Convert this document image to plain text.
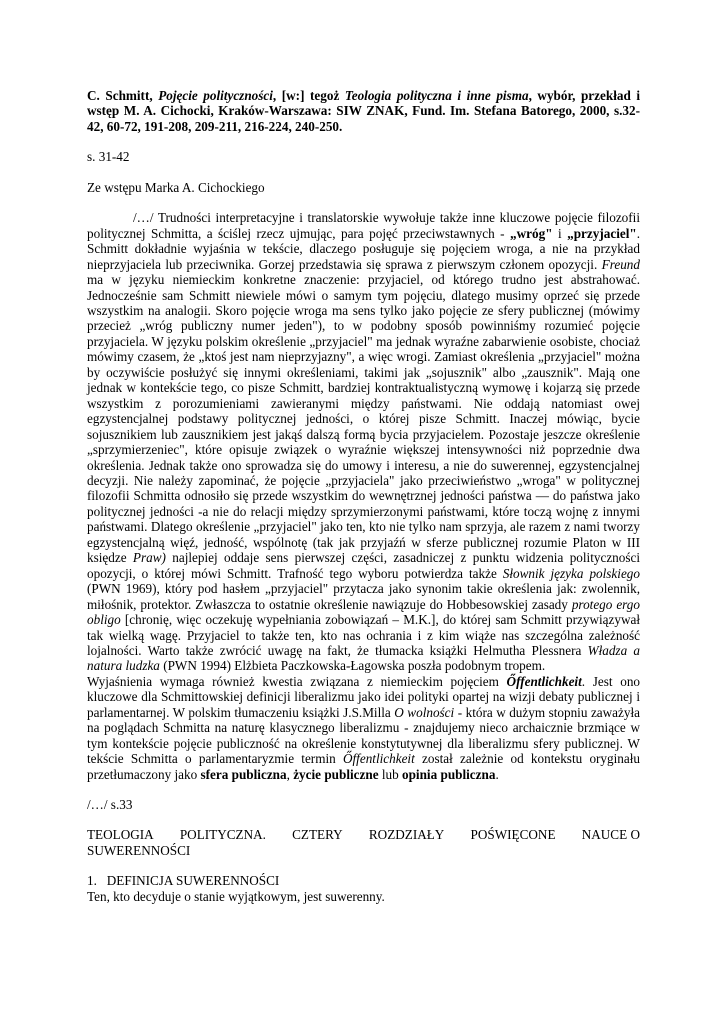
C. Schmitt, Pojęcie polityczności, [w:] tegoż Teologia polityczna i inne pisma, wybór, przekład i wstęp M. A. Cichocki, Kraków-Warszawa: SIW ZNAK, Fund. Im. Stefana Batorego, 2000, s.32-42, 60-72, 191-208, 209-211, 216-224, 240-250.

s. 31-42

Ze wstępu Marka A. Cichockiego

/…/ Trudności interpretacyjne i translatorskie wywołuje także inne kluczowe pojęcie filozofii politycznej Schmitta, a ściślej rzecz ujmując, para pojęć przeciwstawnych - „wróg" i „przyjaciel". Schmitt dokładnie wyjaśnia w tekście, dlaczego posługuje się pojęciem wroga, a nie na przykład nieprzyjaciela lub przeciwnika. Gorzej przedstawia się sprawa z pierwszym członem opozycji. Freund ma w języku niemieckim konkretne znaczenie: przyjaciel, od którego trudno jest abstrahować. Jednocześnie sam Schmitt niewiele mówi o samym tym pojęciu, dlatego musimy oprzeć się przede wszystkim na analogii. Skoro pojęcie wroga ma sens tylko jako pojęcie ze sfery publicznej (mówimy przecież „wróg publiczny numer jeden"), to w podobny sposób powinniśmy rozumieć pojęcie przyjaciela. W języku polskim określenie „przyjaciel" ma jednak wyraźne zabarwienie osobiste, chociaż mówimy czasem, że „ktoś jest nam nieprzyjazny", a więc wrogi. Zamiast określenia „przyjaciel" można by oczywiście posłużyć się innymi określeniami, takimi jak „sojusznik" albo „zausznik". Mają one jednak w kontekście tego, co pisze Schmitt, bardziej kontraktualistyczną wymowę i kojarzą się przede wszystkim z porozumieniami zawieranymi między państwami. Nie oddają natomiast owej egzystencjalnej podstawy politycznej jedności, o której pisze Schmitt. Inaczej mówiąc, bycie sojusznikiem lub zausznikiem jest jakąś dalszą formą bycia przyjacielem. Pozostaje jeszcze określenie „sprzymierzeniec", które opisuje związek o wyraźnie większej intensywności niż poprzednie dwa określenia. Jednak także ono sprowadza się do umowy i interesu, a nie do suwerennej, egzystencjalnej decyzji. Nie należy zapominać, że pojęcie „przyjaciela" jako przeciwieństwo „wroga" w politycznej filozofii Schmitta odnosiło się przede wszystkim do wewnętrznej jedności państwa — do państwa jako politycznej jedności -a nie do relacji między sprzymierzonymi państwami, które toczą wojnę z innymi państwami. Dlatego określenie „przyjaciel" jako ten, kto nie tylko nam sprzyja, ale razem z nami tworzy egzystencjalną więź, jedność, wspólnotę (tak jak przyjaźń w sferze publicznej rozumie Platon w III księdze Praw) najlepiej oddaje sens pierwszej części, zasadniczej z punktu widzenia polityczności opozycji, o której mówi Schmitt. Trafność tego wyboru potwierdza także Słownik języka polskiego (PWN 1969), który pod hasłem „przyjaciel" przytacza jako synonim takie określenia jak: zwolennik, miłośnik, protektor. Zwłaszcza to ostatnie określenie nawiązuje do Hobbesowskiej zasady protego ergo obligo [chronię, więc oczekuję wypełniania zobowiązań – M.K.], do której sam Schmitt przywiązywał tak wielką wagę. Przyjaciel to także ten, kto nas ochrania i z kim wiąże nas szczególna zależność lojalności. Warto także zwrócić uwagę na fakt, że tłumacka książki Helmutha Plessnera Władza a natura ludzka (PWN 1994) Elżbieta Paczkowska-Łagowska poszła podobnym tropem.

Wyjaśnienia wymaga również kwestia związana z niemieckim pojęciem Őffentlichkeit. Jest ono kluczowe dla Schmittowskiej definicji liberalizmu jako idei polityki opartej na wizji debaty publicznej i parlamentarnej. W polskim tłumaczeniu książki J.S.Milla O wolności - która w dużym stopniu zaważyła na poglądach Schmitta na naturę klasycznego liberalizmu - znajdujemy nieco archaicznie brzmiące w tym kontekście pojęcie publiczność na określenie konstytutywnej dla liberalizmu sfery publicznej. W tekście Schmitta o parlamentaryzmie termin Őffentlichkeit został zależnie od kontekstu oryginału przetłumaczony jako sfera publiczna, życie publiczne lub opinia publiczna.

/…/ s.33

TEOLOGIA POLITYCZNA. CZTERY ROZDZIAŁY POŚWIĘCONE NAUCE O
SUWERENNOŚCI

1. DEFINICJA SUWERENNOŚCI

Ten, kto decyduje o stanie wyjątkowym, jest suwerenny.
